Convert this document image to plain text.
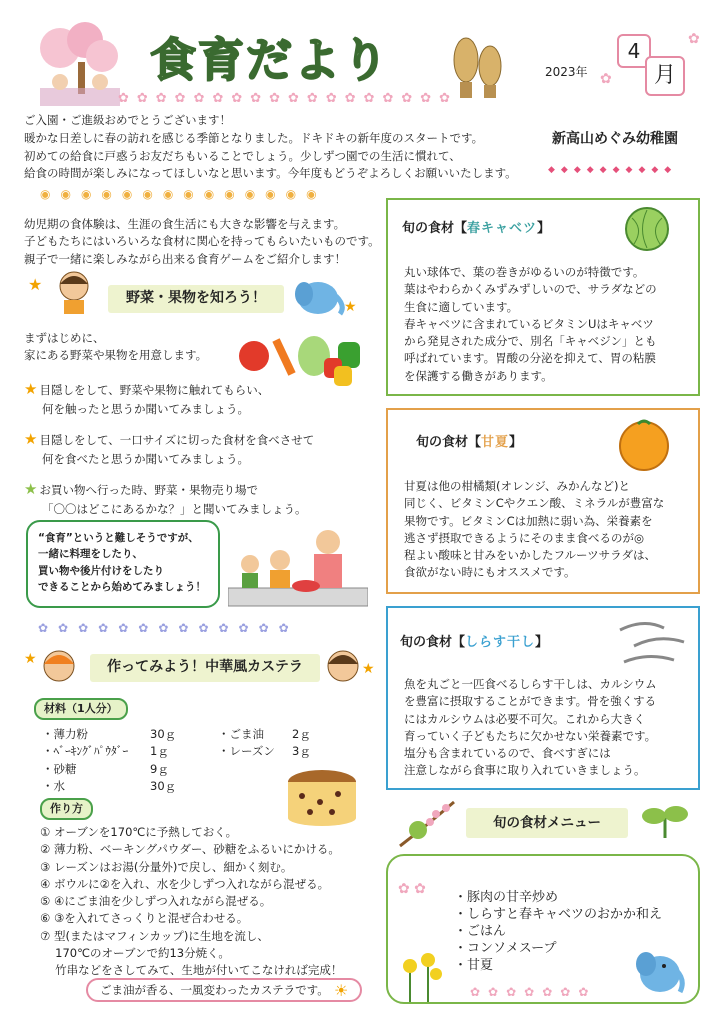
食育だより	2023年
4
月
✿
✿
✿✿✿✿✿✿✿✿✿✿✿✿✿✿✿✿✿✿
新高山めぐみ幼稚園
◆◆◆◆◆◆◆◆◆◆
ご入園・ご進級おめでとうございます！
暖かな日差しに春の訪れを感じる季節となりました。ドキドキの新年度のスタートです。
初めての給食に戸惑うお友だちもいることでしょう。少しずつ園での生活に慣れて、
給食の時間が楽しみになってほしいなと思います。今年度もどうぞよろしくお願いいたします。
◉◉◉◉◉◉◉◉◉◉◉◉◉◉
幼児期の食体験は、生涯の食生活にも大きな影響を与えます。
子どもたちにはいろいろな食材に関心を持ってもらいたいものです。
親子で一緒に楽しみながら出来る食育ゲームをご紹介します！
★
野菜・果物を知ろう！
★
まずはじめに、
家にある野菜や果物を用意します。
★ 目隠しをして、野菜や果物に触れてもらい、
何を触ったと思うか聞いてみましょう。
★ 目隠しをして、一口サイズに切った食材を食べさせて
何を食べたと思うか聞いてみましょう。
★ お買い物へ行った時、野菜・果物売り場で
「〇〇はどこにあるかな？」と聞いてみましょう。
“食育”というと難しそうですが、
一緒に料理をしたり、
買い物や後片付けをしたり
できることから始めてみましょう！
✿✿✿✿✿✿✿✿✿✿✿✿✿
★	作ってみよう！中華風カステラ	★
材料（1人分）
・薄力粉	30ｇ
・ﾍﾞｰｷﾝｸﾞﾊﾟｳﾀﾞｰ 1ｇ
・砂糖	9ｇ
・水	30ｇ
・ごま油 2ｇ
・レーズン 3ｇ
作り方
① オーブンを170℃に予熱しておく。
② 薄力粉、ベーキングパウダー、砂糖をふるいにかける。
③ レーズンはお湯(分量外)で戻し、細かく刻む。
④ ボウルに②を入れ、水を少しずつ入れながら混ぜる。
⑤ ④にごま油を少しずつ入れながら混ぜる。
⑥ ③を入れてさっくりと混ぜ合わせる。
⑦ 型(またはマフィンカップ)に生地を流し、
　 170℃のオーブンで約13分焼く。
　 竹串などをさしてみて、生地が付いてこなければ完成！
ごま油が香る、一風変わったカステラです。 ☀
旬の食材【春キャベツ】
丸い球体で、葉の巻きがゆるいのが特徴です。
葉はやわらかくみずみずしいので、サラダなどの
生食に適しています。
春キャベツに含まれているビタミンUはキャベツ
から発見された成分で、別名「キャベジン」とも
呼ばれています。胃酸の分泌を抑えて、胃の粘膜
を保護する働きがあります。
旬の食材【甘夏】
甘夏は他の柑橘類(オレンジ、みかんなど)と
同じく、ビタミンCやクエン酸、ミネラルが豊富な
果物です。ビタミンCは加熱に弱い為、栄養素を
逃さず摂取できるようにそのまま食べるのが◎
程よい酸味と甘みをいかしたフルーツサラダは、
食欲がない時にもオススメです。
旬の食材【しらす干し】
魚を丸ごと一匹食べるしらす干しは、カルシウム
を豊富に摂取することができます。骨を強くする
にはカルシウムは必要不可欠。これから大きく
育っていく子どもたちに欠かせない栄養素です。
塩分も含まれているので、食べすぎには
注意しながら食事に取り入れていきましょう。
旬の食材メニュー
✿ ✿
・豚肉の甘辛炒め
・しらすと春キャベツのおかか和え
・ごはん
・コンソメスープ
・甘夏
✿✿✿✿✿✿✿
